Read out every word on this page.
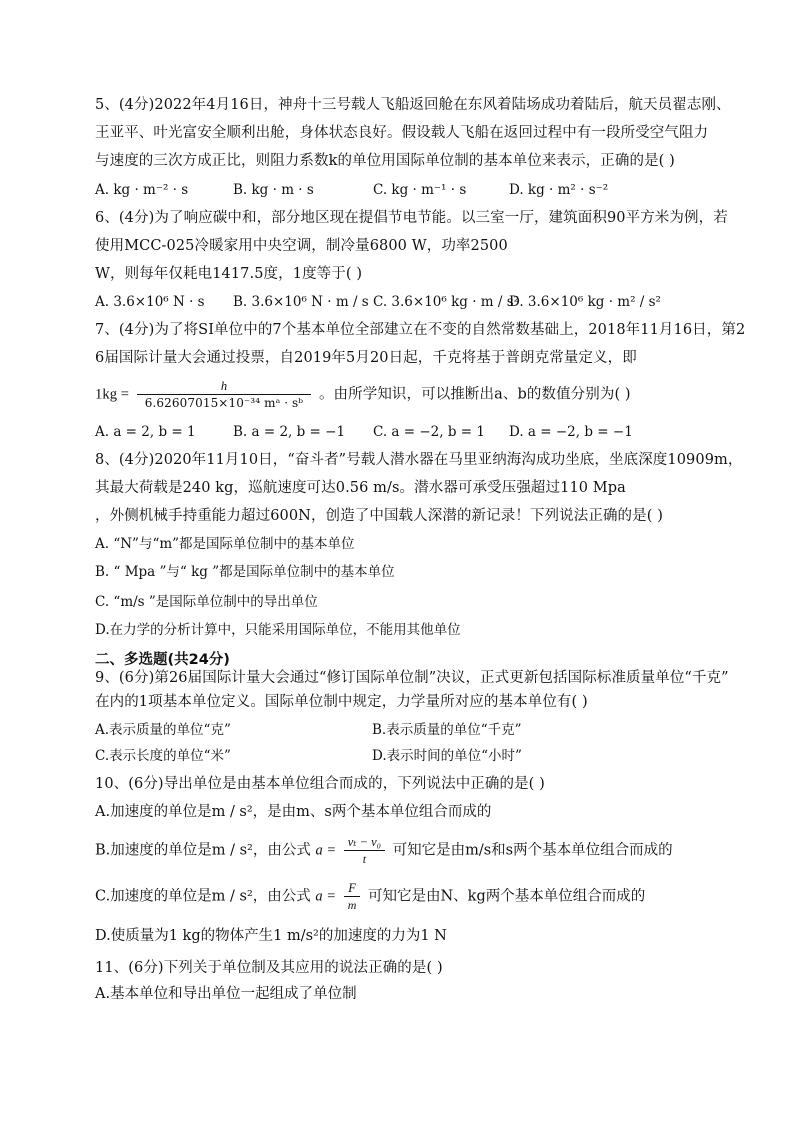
5、(4分)2022年4月16日，神舟十三号载人飞船返回舱在东风着陆场成功着陆后，航天员翟志刚、
王亚平、叶光富安全顺利出舱，身体状态良好。假设载人飞船在返回过程中有一段所受空气阻力
与速度的三次方成正比，则阻力系数k的单位用国际单位制的基本单位来表示，正确的是( )
A. kg · m⁻² · s	B. kg · m · s	C. kg · m⁻¹ · s	D. kg · m² · s⁻²
6、(4分)为了响应碳中和，部分地区现在提倡节电节能。以三室一厅，建筑面积90平方米为例，若
使用MCC-025冷暖家用中央空调，制冷量6800 W，功率2500
W，则每年仅耗电1417.5度，1度等于( )
A. 3.6×10⁶ N · s B. 3.6×10⁶ N · m / s C. 3.6×10⁶ kg · m / s²
D. 3.6×10⁶ kg · m² / s²
7、(4分)为了将SI单位中的7个基本单位全部建立在不变的自然常数基础上，2018年11月16日，第2
6届国际计量大会通过投票，自2019年5月20日起，千克将基于普朗克常量定义，即
$1kg = \frac{h}{\text{6.62607015×10⁻³⁴ mᵃ · sᵇ}}$ 。由所学知识，可以推断出a、b的数值分别为( )
A. a = 2, b = 1	B. a = 2, b = −1 C. a = −2, b = 1 D. a = −2, b = −1
8、(4分)2020年11月10日，“奋斗者”号载人潜水器在马里亚纳海沟成功坐底，坐底深度10909m，
其最大荷载是240 kg，巡航速度可达0.56 m/s。潜水器可承受压强超过110 Mpa
，外侧机械手持重能力超过600N，创造了中国载人深潜的新记录！下列说法正确的是( )
A. “N”与“m”都是国际单位制中的基本单位
B. “ Mpa ”与“ kg ”都是国际单位制中的基本单位
C. “m/s ”是国际单位制中的导出单位
D.在力学的分析计算中，只能采用国际单位，不能用其他单位
二、多选题(共24分)
9、(6分)第26届国际计量大会通过“修订国际单位制”决议，正式更新包括国际标准质量单位“千克”
在内的1项基本单位定义。国际单位制中规定，力学量所对应的基本单位有( )
A.表示质量的单位“克”	B.表示质量的单位“千克”
C.表示长度的单位“米”	D.表示时间的单位“小时”
10、(6分)导出单位是由基本单位组合而成的，下列说法中正确的是( )
A.加速度的单位是m / s²，是由m、s两个基本单位组合而成的
B.加速度的单位是m / s²，由公式 $a = \frac{\text{vₜ − v₀}}{t}$ 可知它是由m/s和s两个基本单位组合而成的
C.加速度的单位是m / s²，由公式 $a = \frac{F}{m}$ 可知它是由N、kg两个基本单位组合而成的
D.使质量为1 kg的物体产生1 m/s²的加速度的力为1 N
11、(6分)下列关于单位制及其应用的说法正确的是( )
A.基本单位和导出单位一起组成了单位制
